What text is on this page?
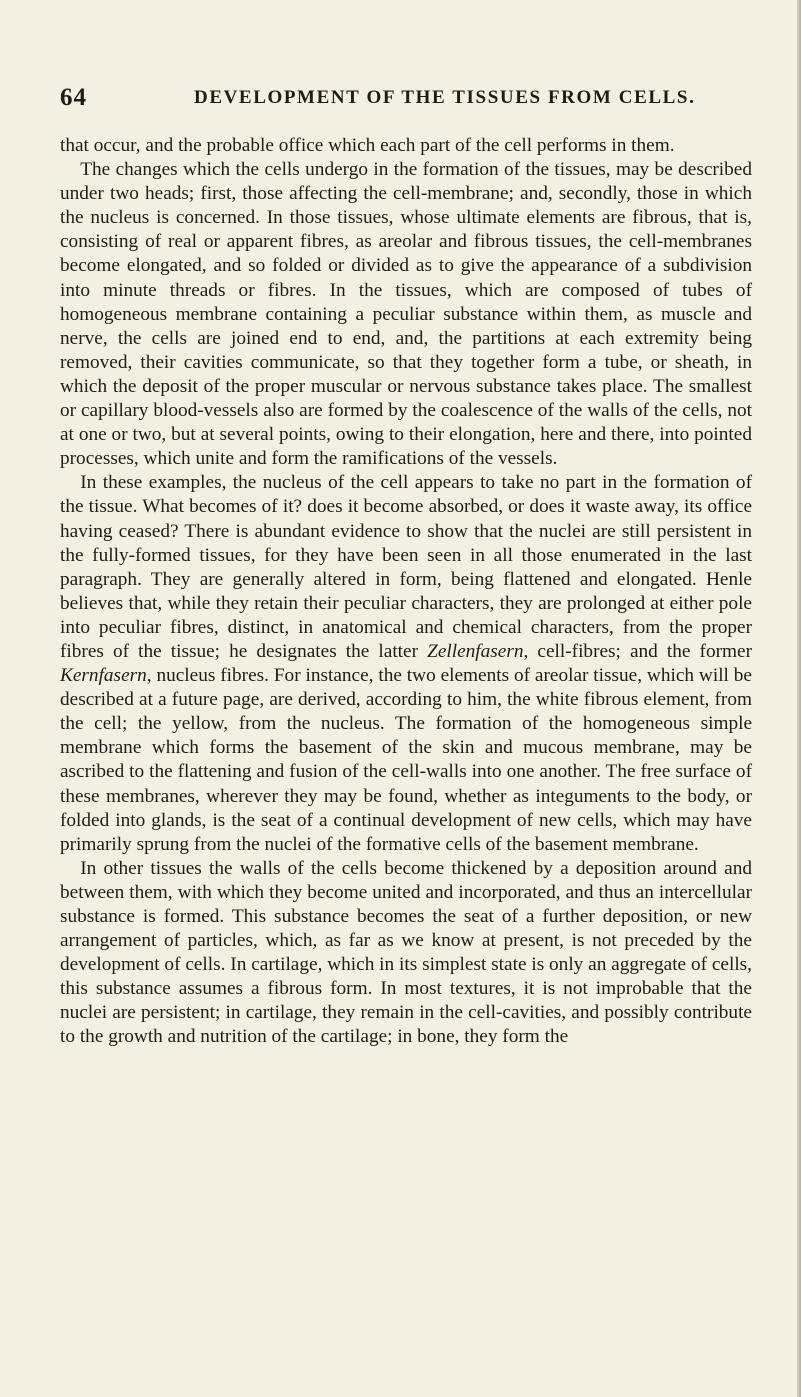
64	DEVELOPMENT OF THE TISSUES FROM CELLS.

that occur, and the probable office which each part of the cell performs in them.

The changes which the cells undergo in the formation of the tissues, may be described under two heads; first, those affecting the cell-membrane; and, secondly, those in which the nucleus is concerned. In those tissues, whose ultimate elements are fibrous, that is, consisting of real or apparent fibres, as areolar and fibrous tissues, the cell-membranes become elongated, and so folded or divided as to give the appearance of a subdivision into minute threads or fibres. In the tissues, which are composed of tubes of homogeneous membrane containing a peculiar substance within them, as muscle and nerve, the cells are joined end to end, and, the partitions at each extremity being removed, their cavities communicate, so that they together form a tube, or sheath, in which the deposit of the proper muscular or nervous substance takes place. The smallest or capillary blood-vessels also are formed by the coalescence of the walls of the cells, not at one or two, but at several points, owing to their elongation, here and there, into pointed processes, which unite and form the ramifications of the vessels.

In these examples, the nucleus of the cell appears to take no part in the formation of the tissue. What becomes of it? does it become absorbed, or does it waste away, its office having ceased? There is abundant evidence to show that the nuclei are still persistent in the fully-formed tissues, for they have been seen in all those enumerated in the last paragraph. They are generally altered in form, being flattened and elongated. Henle believes that, while they retain their peculiar characters, they are prolonged at either pole into peculiar fibres, distinct, in anatomical and chemical characters, from the proper fibres of the tissue; he designates the latter Zellenfasern, cell-fibres; and the former Kernfasern, nucleus fibres. For instance, the two elements of areolar tissue, which will be described at a future page, are derived, according to him, the white fibrous element, from the cell; the yellow, from the nucleus. The formation of the homogeneous simple membrane which forms the basement of the skin and mucous membrane, may be ascribed to the flattening and fusion of the cell-walls into one another. The free surface of these membranes, wherever they may be found, whether as integuments to the body, or folded into glands, is the seat of a continual development of new cells, which may have primarily sprung from the nuclei of the formative cells of the basement membrane.

In other tissues the walls of the cells become thickened by a deposition around and between them, with which they become united and incorporated, and thus an intercellular substance is formed. This substance becomes the seat of a further deposition, or new arrangement of particles, which, as far as we know at present, is not preceded by the development of cells. In cartilage, which in its simplest state is only an aggregate of cells, this substance assumes a fibrous form. In most textures, it is not improbable that the nuclei are persistent; in cartilage, they remain in the cell-cavities, and possibly contribute to the growth and nutrition of the cartilage; in bone, they form the
